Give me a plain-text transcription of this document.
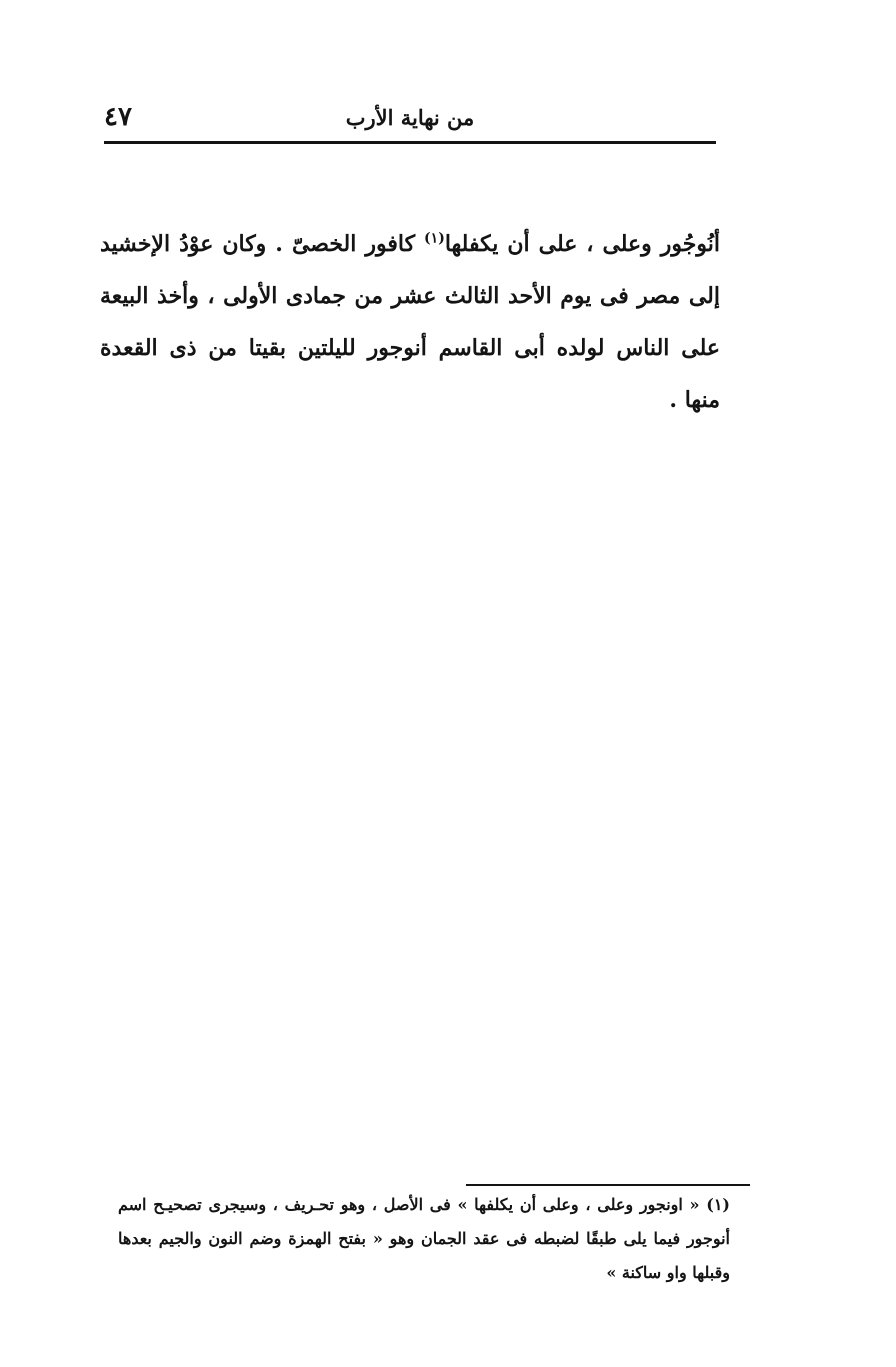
من نهاية الأرب
٤٧

أنُوجُور وعلى ، على أن يكفلها$^{(١)}$ كافور الخصىّ . وكان عوْدُ الإخشيد إلى مصر فى يوم الأحد الثالث عشر من جمادى الأولى ، وأخذ البيعة على الناس لولده أبى القاسم أنوجور لليلتين بقيتا من ذى القعدة منها .

(١) « اونجور وعلى ، وعلى أن يكلفها » فى الأصل ، وهو تحـريف ، وسيجرى تصحيـح اسم أنوجور فيما يلى طبقًا لضبطه فى عقد الجمان وهو « بفتح الهمزة وضم النون والجيم بعدها وقبلها واو ساكنة »
